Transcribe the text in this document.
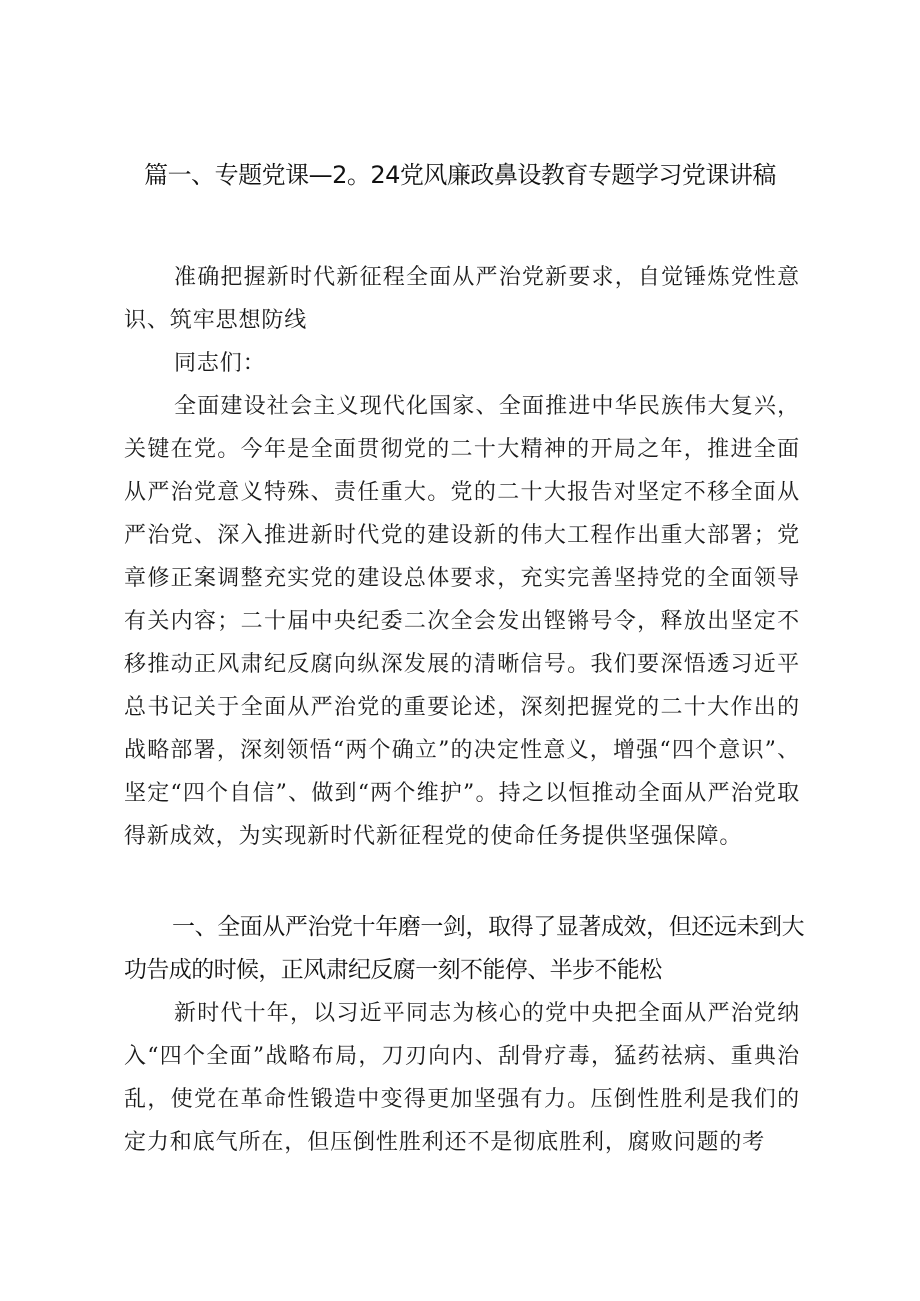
篇一、专题党课—2。24党风廉政鼻设教育专题学习党课讲稿

准确把握新时代新征程全面从严治党新要求，自觉锤炼党性意识、筑牢思想防线

同志们：

全面建设社会主义现代化国家、全面推进中华民族伟大复兴，关键在党。今年是全面贯彻党的二十大精神的开局之年，推进全面从严治党意义特殊、责任重大。党的二十大报告对坚定不移全面从严治党、深入推进新时代党的建设新的伟大工程作出重大部署；党章修正案调整充实党的建设总体要求，充实完善坚持党的全面领导有关内容；二十届中央纪委二次全会发出铿锵号令，释放出坚定不移推动正风肃纪反腐向纵深发展的清晰信号。我们要深悟透习近平总书记关于全面从严治党的重要论述，深刻把握党的二十大作出的战略部署，深刻领悟“两个确立”的决定性意义，增强“四个意识”、坚定“四个自信”、做到“两个维护”。持之以恒推动全面从严治党取得新成效，为实现新时代新征程党的使命任务提供坚强保障。

一、全面从严治党十年磨一剑，取得了显著成效，但还远未到大功告成的时候，正风肃纪反腐一刻不能停、半步不能松

新时代十年，以习近平同志为核心的党中央把全面从严治党纳入“四个全面”战略布局，刀刃向内、刮骨疗毒，猛药祛病、重典治乱，使党在革命性锻造中变得更加坚强有力。压倒性胜利是我们的定力和底气所在，但压倒性胜利还不是彻底胜利，腐败问题的考
